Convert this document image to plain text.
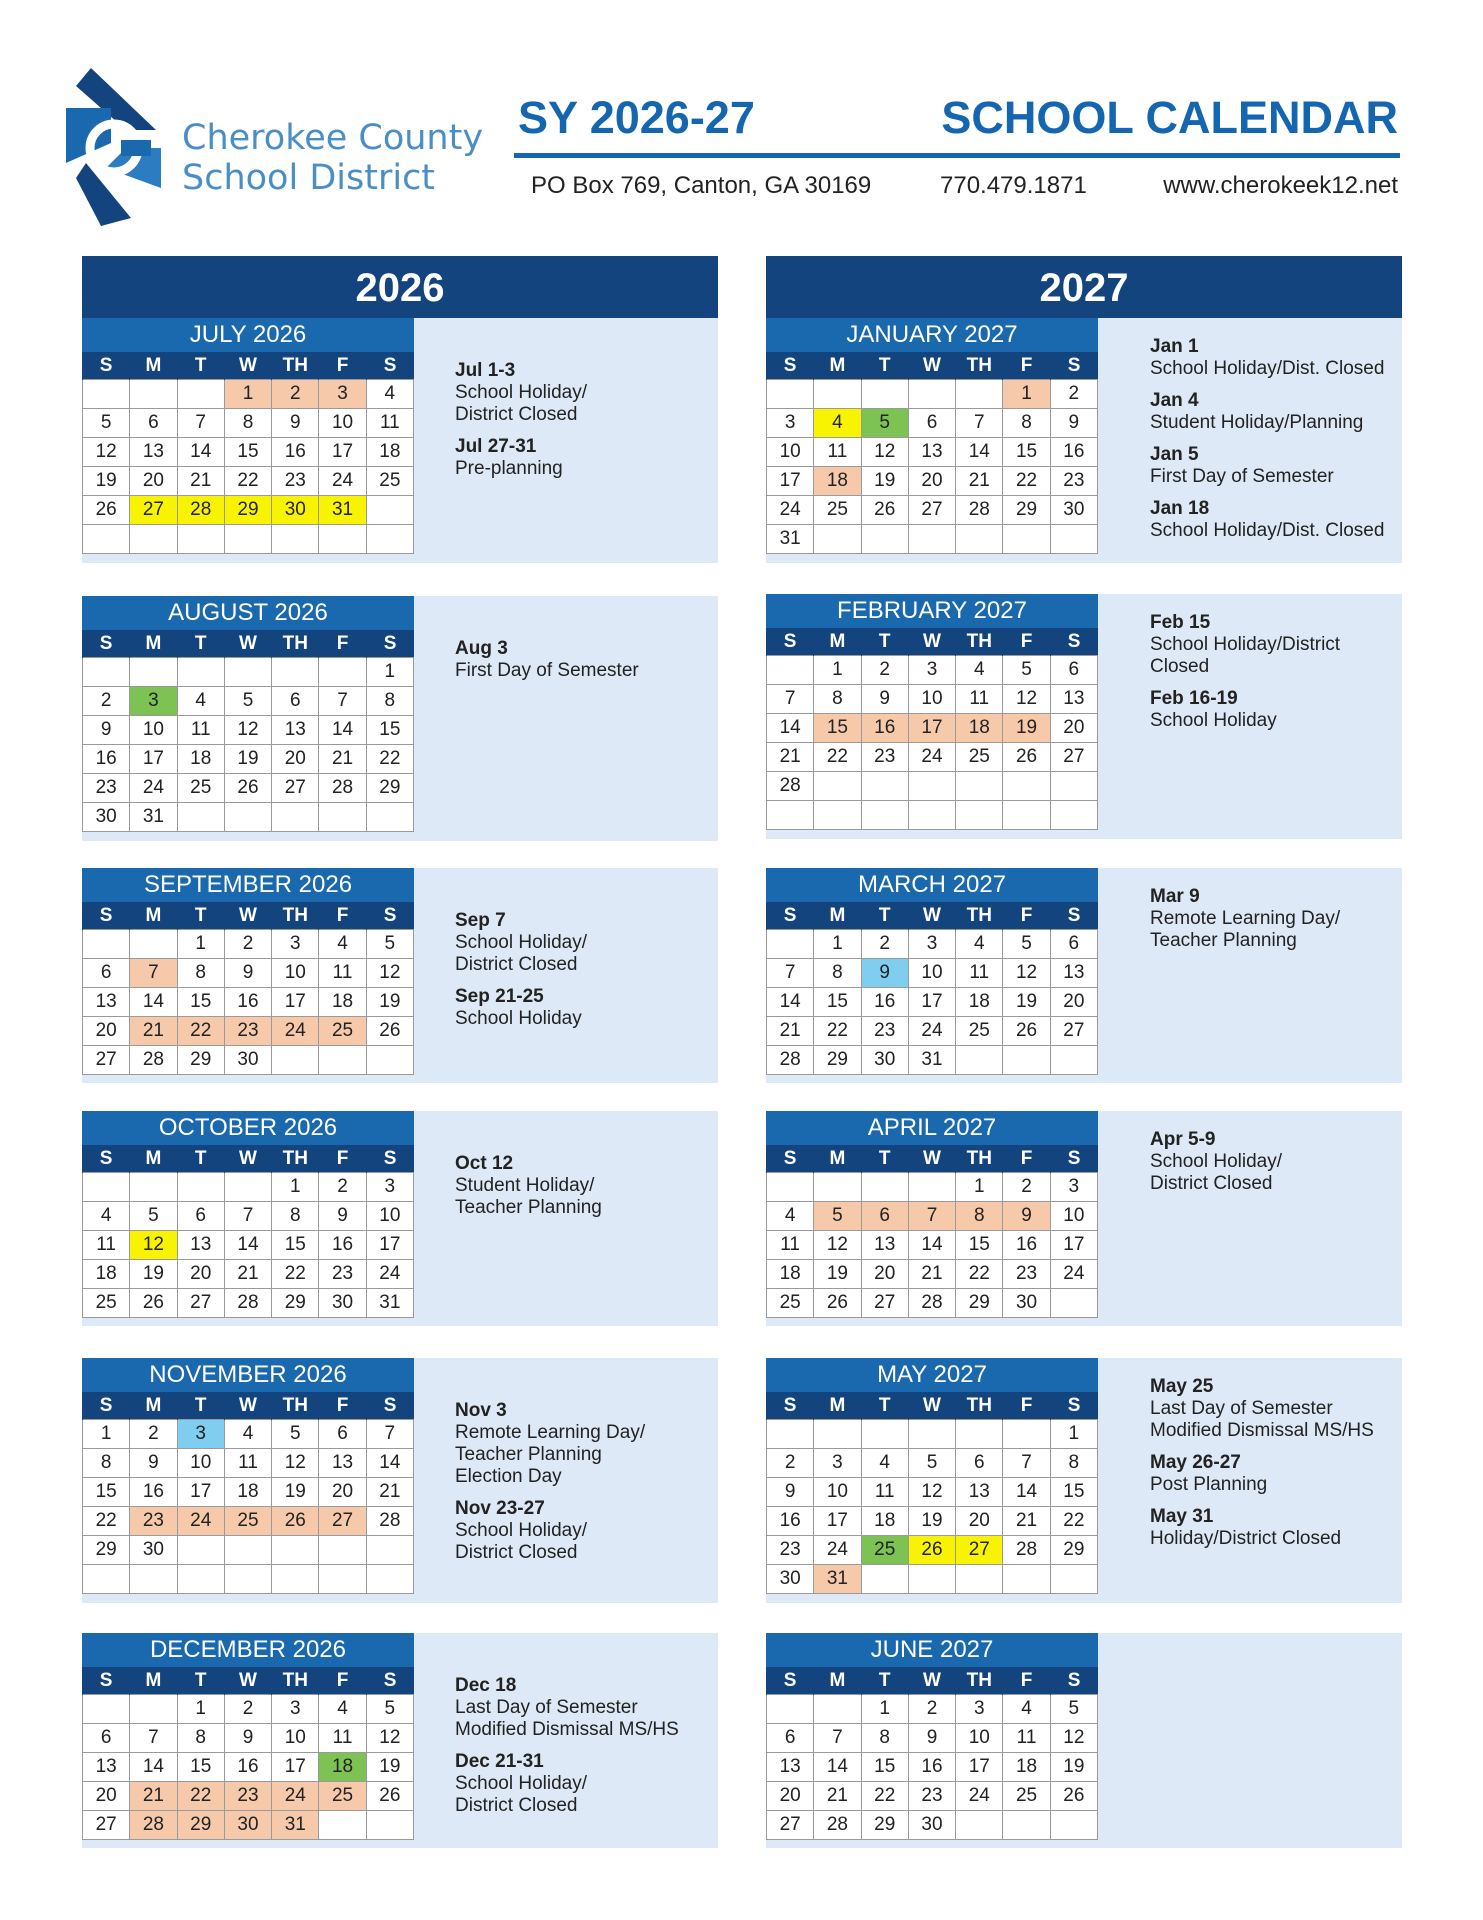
Cherokee County
School District
SY 2026-27	SCHOOL CALENDAR
PO Box 769, Canton, GA 30169	770.479.1871	www.cherokeek12.net
2026	2027
JULY 2026
S	M	T	W	TH	F	S
			1	2	3	4
5	6	7	8	9	10	11
12	13	14	15	16	17	18
19	20	21	22	23	24	25
26	27	28	29	30	31	

Jul 1-3
School Holiday/
District Closed
Jul 27-31
Pre-planning
AUGUST 2026
S	M	T	W	TH	F	S
						1
2	3	4	5	6	7	8
9	10	11	12	13	14	15
16	17	18	19	20	21	22
23	24	25	26	27	28	29
30	31					
Aug 3
First Day of Semester
SEPTEMBER 2026
S	M	T	W	TH	F	S
		1	2	3	4	5
6	7	8	9	10	11	12
13	14	15	16	17	18	19
20	21	22	23	24	25	26
27	28	29	30			
Sep 7
School Holiday/
District Closed
Sep 21-25
School Holiday
OCTOBER 2026
S	M	T	W	TH	F	S
				1	2	3
4	5	6	7	8	9	10
11	12	13	14	15	16	17
18	19	20	21	22	23	24
25	26	27	28	29	30	31
Oct 12
Student Holiday/
Teacher Planning
NOVEMBER 2026
S	M	T	W	TH	F	S
1	2	3	4	5	6	7
8	9	10	11	12	13	14
15	16	17	18	19	20	21
22	23	24	25	26	27	28
29	30					

Nov 3
Remote Learning Day/
Teacher Planning
Election Day
Nov 23-27
School Holiday/
District Closed
DECEMBER 2026
S	M	T	W	TH	F	S
		1	2	3	4	5
6	7	8	9	10	11	12
13	14	15	16	17	18	19
20	21	22	23	24	25	26
27	28	29	30	31		
Dec 18
Last Day of Semester
Modified Dismissal MS/HS
Dec 21-31
School Holiday/
District Closed
JANUARY 2027
S	M	T	W	TH	F	S
					1	2
3	4	5	6	7	8	9
10	11	12	13	14	15	16
17	18	19	20	21	22	23
24	25	26	27	28	29	30
31						
Jan 1
School Holiday/Dist. Closed
Jan 4
Student Holiday/Planning
Jan 5
First Day of Semester
Jan 18
School Holiday/Dist. Closed
FEBRUARY 2027
S	M	T	W	TH	F	S
	1	2	3	4	5	6
7	8	9	10	11	12	13
14	15	16	17	18	19	20
21	22	23	24	25	26	27
28						

Feb 15
School Holiday/District
Closed
Feb 16-19
School Holiday
MARCH 2027
S	M	T	W	TH	F	S
	1	2	3	4	5	6
7	8	9	10	11	12	13
14	15	16	17	18	19	20
21	22	23	24	25	26	27
28	29	30	31			
Mar 9
Remote Learning Day/
Teacher Planning
APRIL 2027
S	M	T	W	TH	F	S
				1	2	3
4	5	6	7	8	9	10
11	12	13	14	15	16	17
18	19	20	21	22	23	24
25	26	27	28	29	30	
Apr 5-9
School Holiday/
District Closed
MAY 2027
S	M	T	W	TH	F	S
						1
2	3	4	5	6	7	8
9	10	11	12	13	14	15
16	17	18	19	20	21	22
23	24	25	26	27	28	29
30	31					
May 25
Last Day of Semester
Modified Dismissal MS/HS
May 26-27
Post Planning
May 31
Holiday/District Closed
JUNE 2027
S	M	T	W	TH	F	S
		1	2	3	4	5
6	7	8	9	10	11	12
13	14	15	16	17	18	19
20	21	22	23	24	25	26
27	28	29	30			
